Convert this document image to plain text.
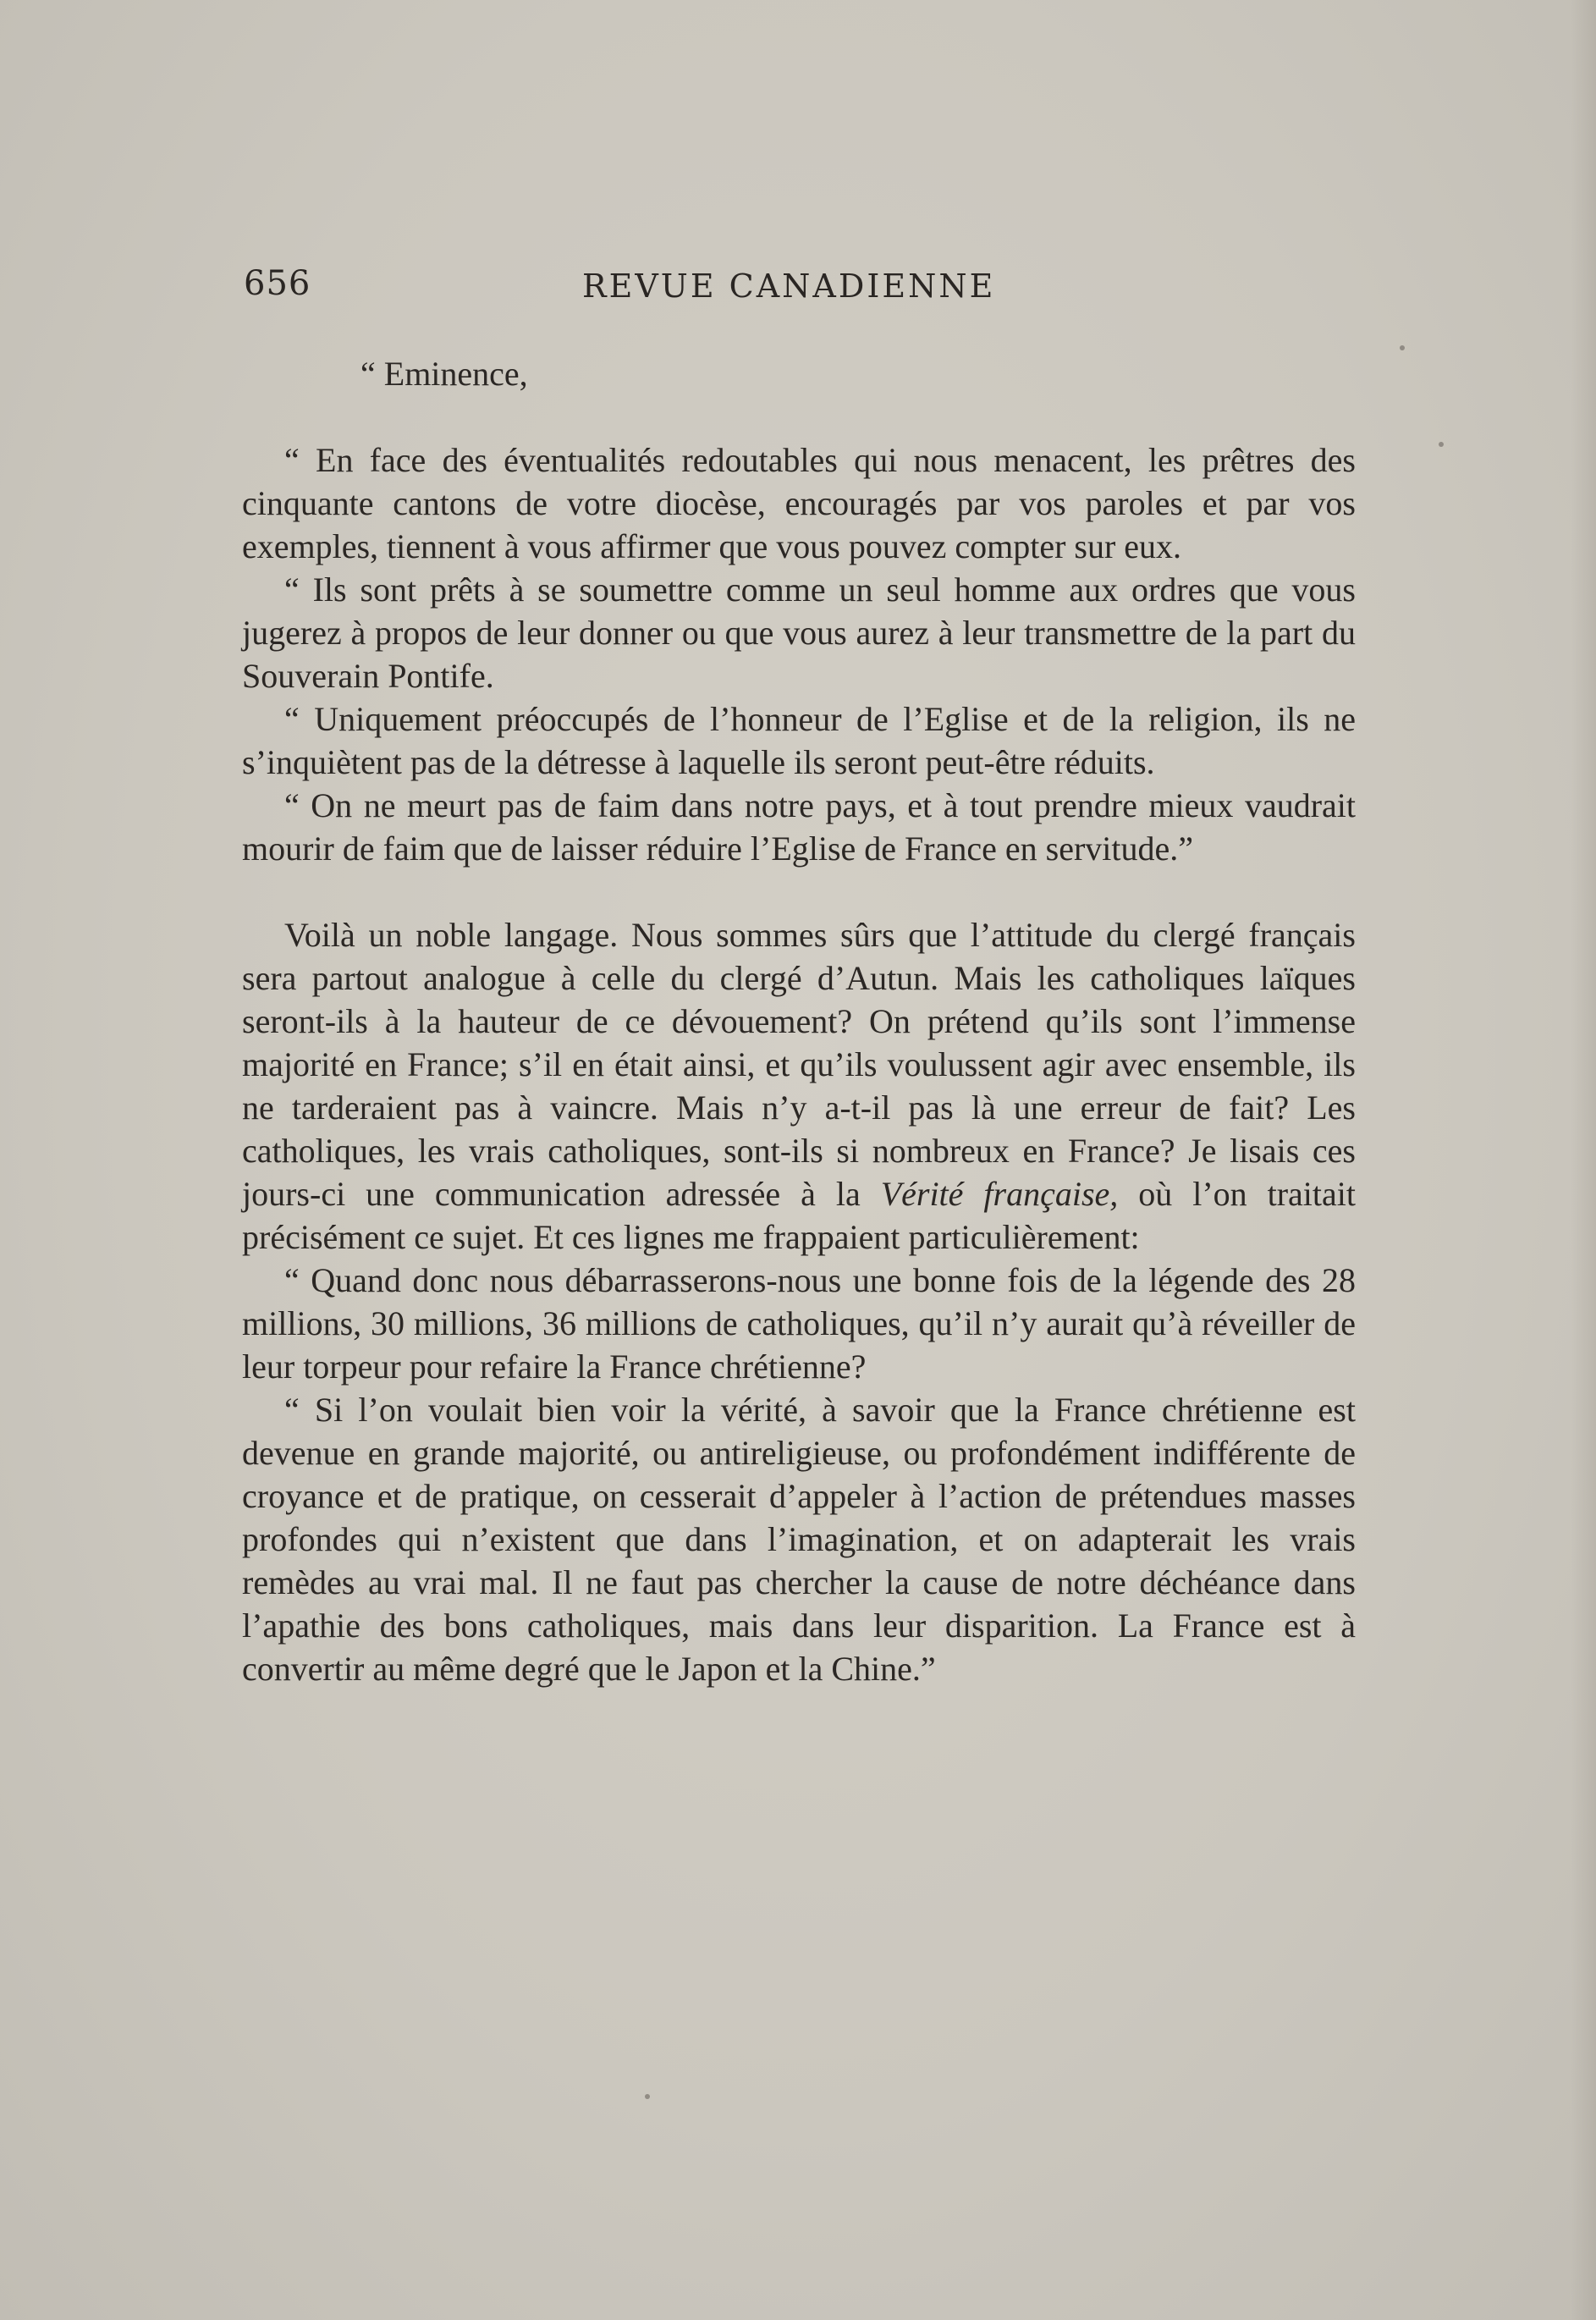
656	REVUE CANADIENNE

“ Eminence,

“ En face des éventualités redoutables qui nous menacent, les prêtres des cinquante cantons de votre diocèse, encouragés par vos paroles et par vos exemples, tiennent à vous affirmer que vous pouvez compter sur eux.

“ Ils sont prêts à se soumettre comme un seul homme aux ordres que vous jugerez à propos de leur donner ou que vous aurez à leur transmettre de la part du Souverain Pontife.

“ Uniquement préoccupés de l’honneur de l’Eglise et de la religion, ils ne s’inquiètent pas de la détresse à laquelle ils seront peut-être réduits.

“ On ne meurt pas de faim dans notre pays, et à tout prendre mieux vaudrait mourir de faim que de laisser réduire l’Eglise de France en servitude.”

Voilà un noble langage. Nous sommes sûrs que l’attitude du clergé français sera partout analogue à celle du clergé d’Autun. Mais les catholiques laïques seront-ils à la hauteur de ce dévouement? On prétend qu’ils sont l’immense majorité en France; s’il en était ainsi, et qu’ils voulussent agir avec ensemble, ils ne tarderaient pas à vaincre. Mais n’y a-t-il pas là une erreur de fait? Les catholiques, les vrais catholiques, sont-ils si nombreux en France? Je lisais ces jours-ci une communication adressée à la Vérité française, où l’on traitait précisément ce sujet. Et ces lignes me frappaient particulièrement:

“ Quand donc nous débarrasserons-nous une bonne fois de la légende des 28 millions, 30 millions, 36 millions de catholiques, qu’il n’y aurait qu’à réveiller de leur torpeur pour refaire la France chrétienne?

“ Si l’on voulait bien voir la vérité, à savoir que la France chrétienne est devenue en grande majorité, ou antireligieuse, ou profondément indifférente de croyance et de pratique, on cesserait d’appeler à l’action de prétendues masses profondes qui n’existent que dans l’imagination, et on adapterait les vrais remèdes au vrai mal. Il ne faut pas chercher la cause de notre déchéance dans l’apathie des bons catholiques, mais dans leur disparition. La France est à convertir au même degré que le Japon et la Chine.”
